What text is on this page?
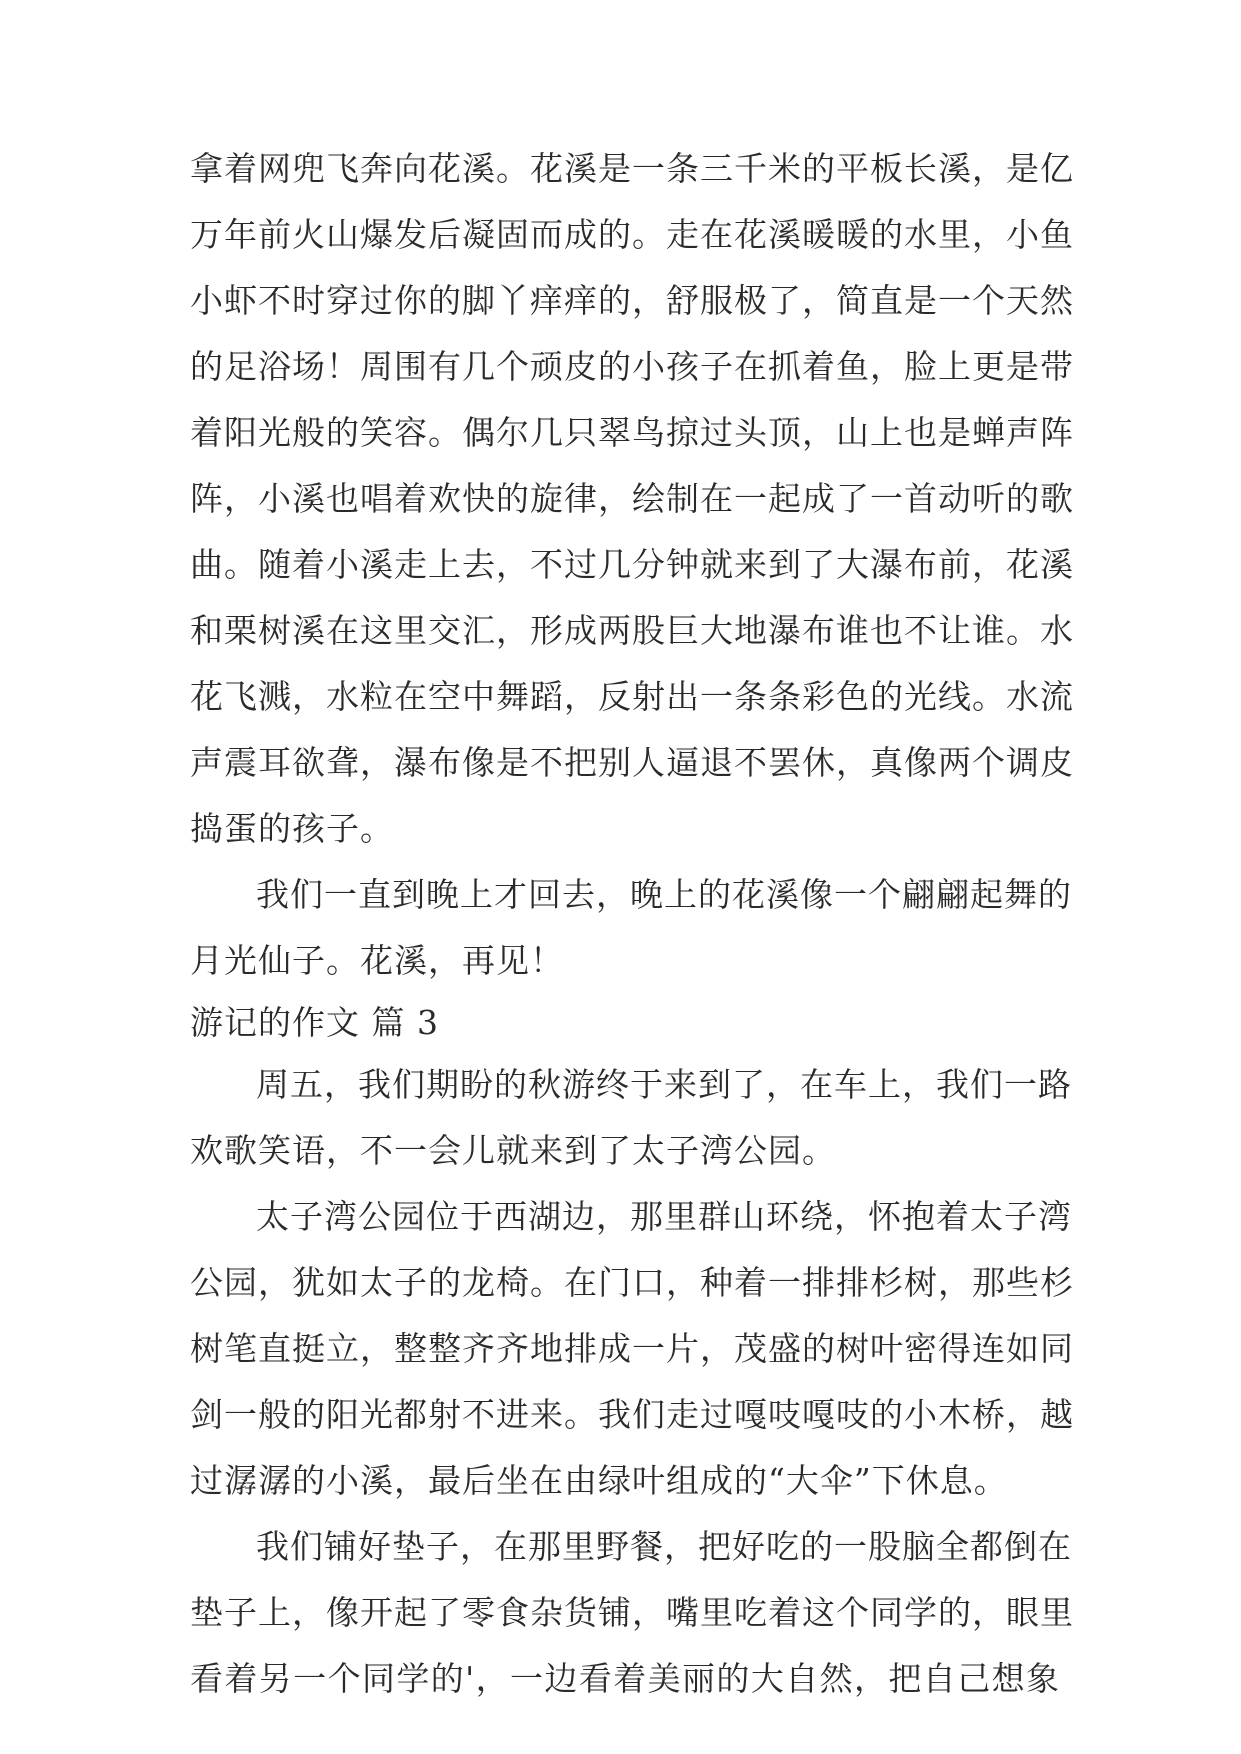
拿着网兜飞奔向花溪。花溪是一条三千米的平板长溪，是亿
万年前火山爆发后凝固而成的。走在花溪暖暖的水里，小鱼
小虾不时穿过你的脚丫痒痒的，舒服极了，简直是一个天然
的足浴场！周围有几个顽皮的小孩子在抓着鱼，脸上更是带
着阳光般的笑容。偶尔几只翠鸟掠过头顶，山上也是蝉声阵
阵，小溪也唱着欢快的旋律，绘制在一起成了一首动听的歌
曲。随着小溪走上去，不过几分钟就来到了大瀑布前，花溪
和栗树溪在这里交汇，形成两股巨大地瀑布谁也不让谁。水
花飞溅，水粒在空中舞蹈，反射出一条条彩色的光线。水流
声震耳欲聋，瀑布像是不把别人逼退不罢休，真像两个调皮
捣蛋的孩子。
我们一直到晚上才回去，晚上的花溪像一个翩翩起舞的
月光仙子。花溪，再见！
游记的作文 篇 3
周五，我们期盼的秋游终于来到了，在车上，我们一路
欢歌笑语，不一会儿就来到了太子湾公园。
太子湾公园位于西湖边，那里群山环绕，怀抱着太子湾
公园，犹如太子的龙椅。在门口，种着一排排杉树，那些杉
树笔直挺立，整整齐齐地排成一片，茂盛的树叶密得连如同
剑一般的阳光都射不进来。我们走过嘎吱嘎吱的小木桥，越
过潺潺的小溪，最后坐在由绿叶组成的“大伞”下休息。
我们铺好垫子，在那里野餐，把好吃的一股脑全都倒在
垫子上，像开起了零食杂货铺，嘴里吃着这个同学的，眼里
看着另一个同学的'，一边看着美丽的大自然，把自己想象
